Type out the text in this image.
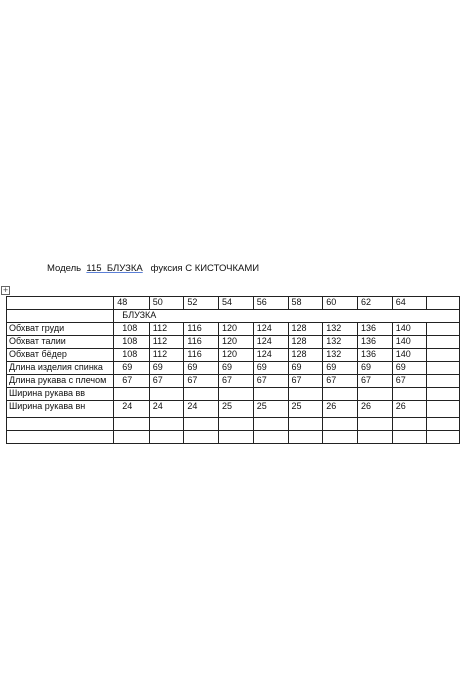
+
Модель  115  БЛУЗКА   фуксия С КИСТОЧКАМИ
	48	50	52	54	56	58	60	62	64	
	БЛУЗКА									
Обхват груди	108	112	116	120	124	128	132	136	140	
Обхват талии	108	112	116	120	124	128	132	136	140	
Обхват бёдер	108	112	116	120	124	128	132	136	140	
Длина изделия спинка	69	69	69	69	69	69	69	69	69	
Длина рукава с плечом	67	67	67	67	67	67	67	67	67	
Ширина рукава вв										
Ширина рукава вн	24	24	24	25	25	25	26	26	26	
